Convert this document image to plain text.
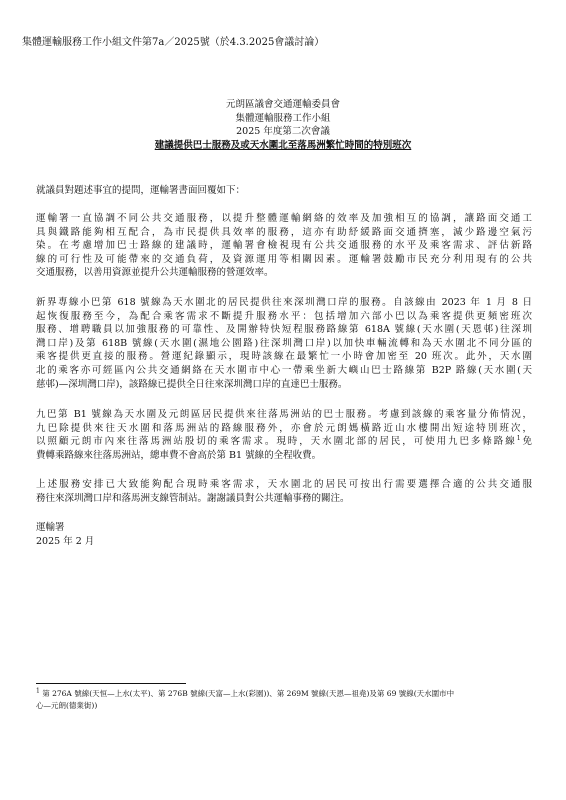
集體運輸服務工作小組文件第7a／2025號（於4.3.2025會議討論）
元朗區議會交通運輸委員會
集體運輸服務工作小組
2025 年度第二次會議
建議提供巴士服務及或天水圍北至落馬洲繁忙時間的特別班次
就議員對題述事宜的提問，運輸署書面回覆如下：
運輸署一直協調不同公共交通服務，以提升整體運輸網絡的效率及加強相互的協調，讓路面交通工
具與鐵路能夠相互配合，為市民提供具效率的服務，這亦有助紓緩路面交通擠塞，減少路邊空氣污
染。在考慮增加巴士路線的建議時，運輸署會檢視現有公共交通服務的水平及乘客需求、評估新路
線的可行性及可能帶來的交通負荷，及資源運用等相關因素。運輸署鼓勵市民充分利用現有的公共
交通服務，以善用資源並提升公共運輸服務的營運效率。
新界專線小巴第 618 號線為天水圍北的居民提供往來深圳灣口岸的服務。自該線由 2023 年 1 月 8 日
起恢復服務至今，為配合乘客需求不斷提升服務水平：包括增加六部小巴以為乘客提供更頻密班次
服務、增聘職員以加強服務的可靠性、及開辦特快短程服務路線第 618A 號線(天水圍(天恩邨)往深圳
灣口岸)及第 618B 號線(天水圍(濕地公園路)往深圳灣口岸)以加快車輛流轉和為天水圍北不同分區的
乘客提供更直接的服務。營運紀錄顯示，現時該線在最繁忙一小時會加密至 20 班次。此外，天水圍
北的乘客亦可經區內公共交通網絡在天水圍市中心一帶乘坐新大嶼山巴士路線第 B2P 路線(天水圍(天
慈邨)—深圳灣口岸)，該路線已提供全日往來深圳灣口岸的直達巴士服務。
九巴第 B1 號線為天水圍及元朗區居民提供來往落馬洲站的巴士服務。考慮到該線的乘客量分佈情況，
九巴除提供來往天水圍和落馬洲站的路線服務外，亦會於元朗媽橫路近山水樓開出短途特別班次，
以照顧元朗市內來往落馬洲站殷切的乘客需求。現時，天水圍北部的居民，可使用九巴多條路線$^1$免
費轉乘路線來往落馬洲站，總車費不會高於第 B1 號線的全程收費。
上述服務安排已大致能夠配合現時乘客需求，天水圍北的居民可按出行需要選擇合適的公共交通服
務往來深圳灣口岸和落馬洲支線管制站。謝謝議員對公共運輸事務的關注。
運輸署
2025 年 2 月
$^1$ 第 276A 號線(天恒—上水(太平)、第 276B 號線(天富—上水(彩園))、第 269M 號線(天恩—祖堯)及第 69 號線(天水圍市中
心—元朗(德業街))
